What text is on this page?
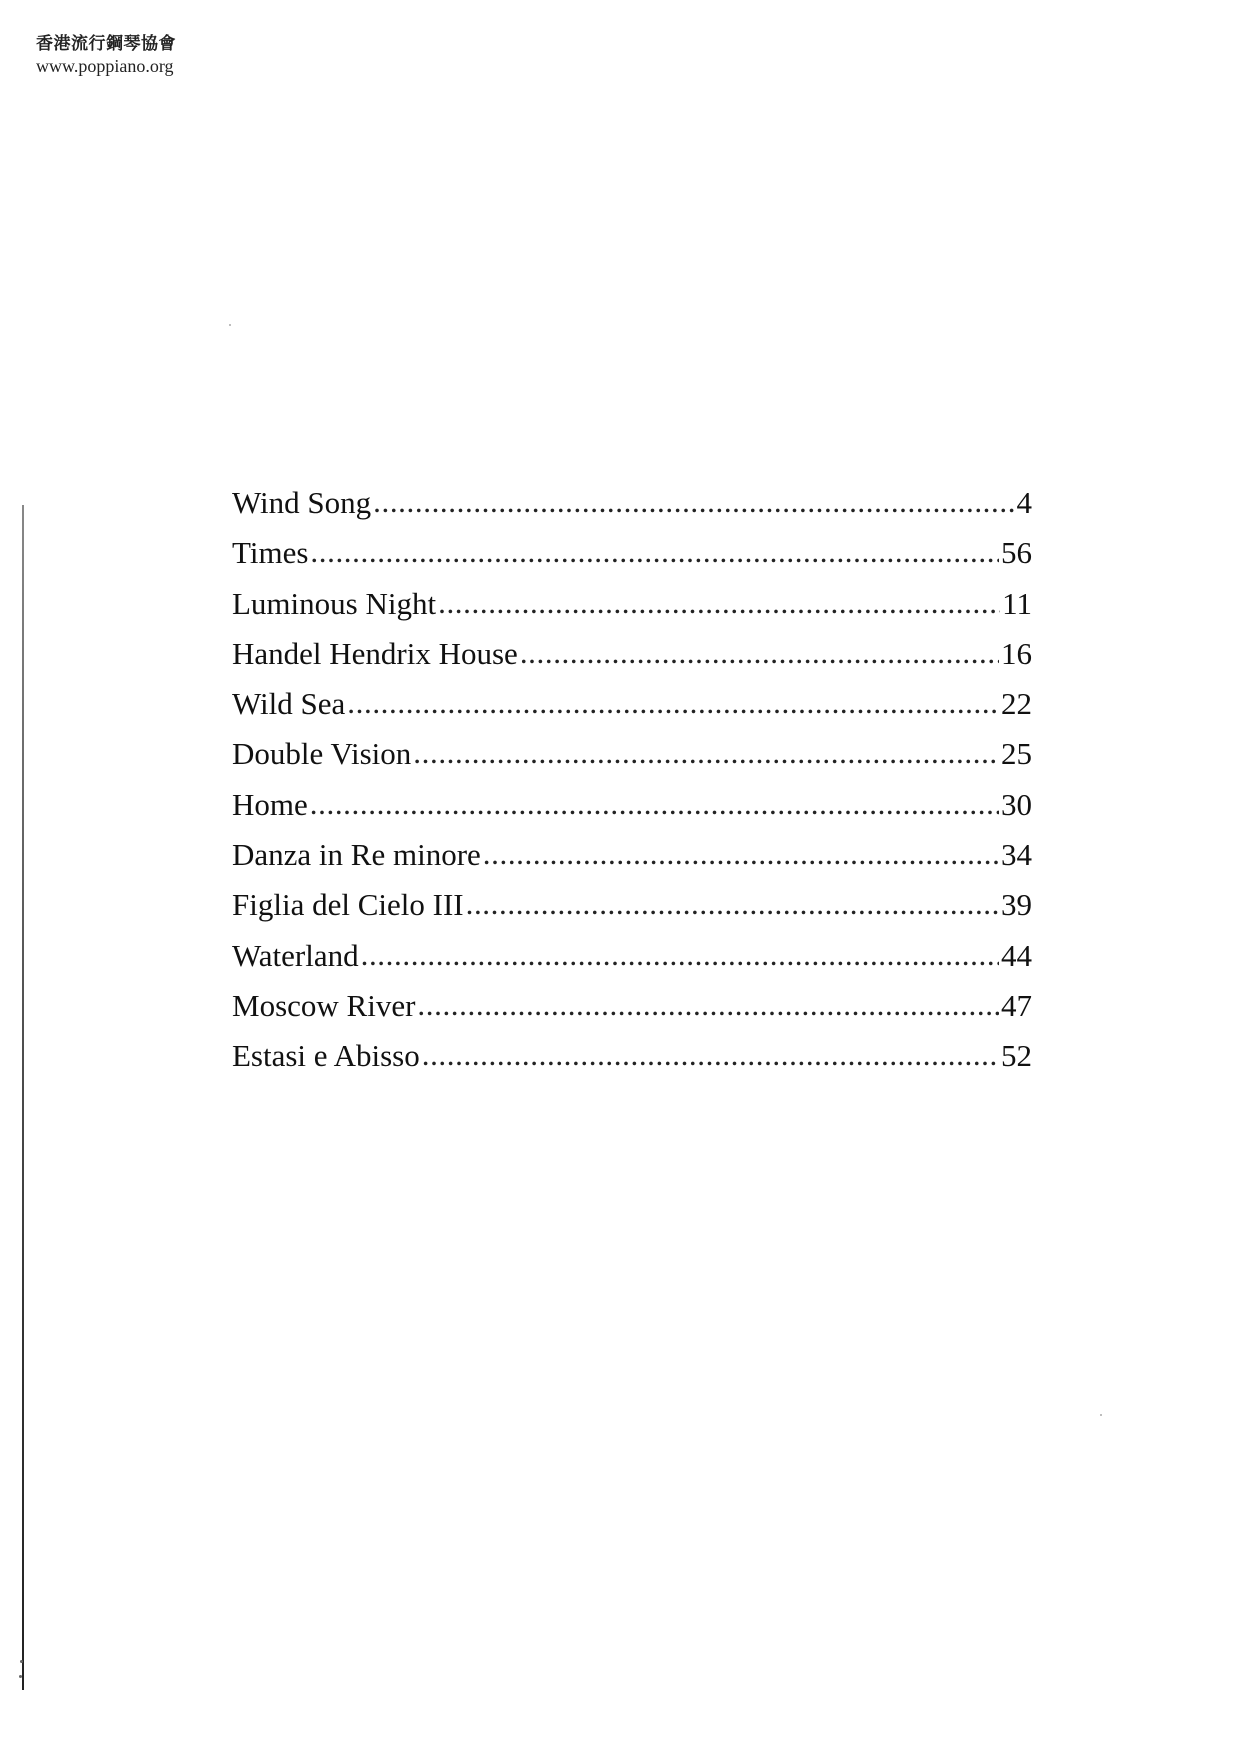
香港流行鋼琴協會
www.poppiano.org
Wind Song .....	4
Times .....	56
Luminous Night .....	11
Handel Hendrix House .....	16
Wild Sea .....	22
Double Vision .....	25
Home .....	30
Danza in Re minore .....	34
Figlia del Cielo III .....	39
Waterland .....	44
Moscow River .....	47
Estasi e Abisso .....	52
